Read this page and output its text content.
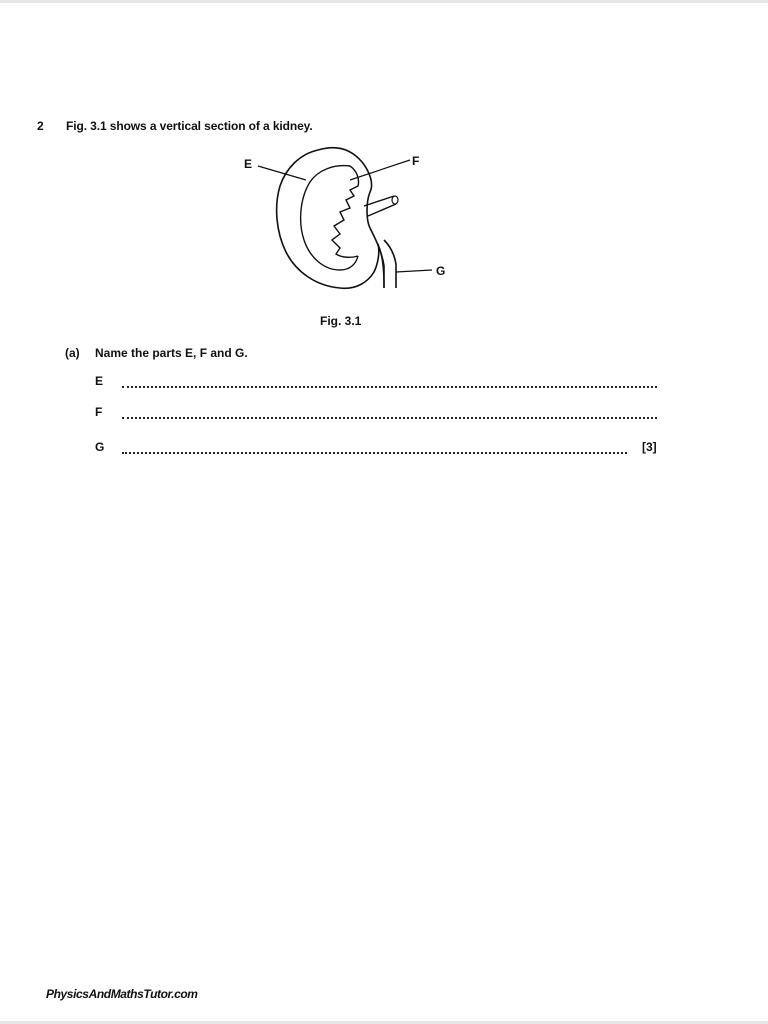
2 Fig. 3.1 shows a vertical section of a kidney.
E	F
G
Fig. 3.1
(a) Name the parts E, F and G.
E
F
G	[3]
PhysicsAndMathsTutor.com
